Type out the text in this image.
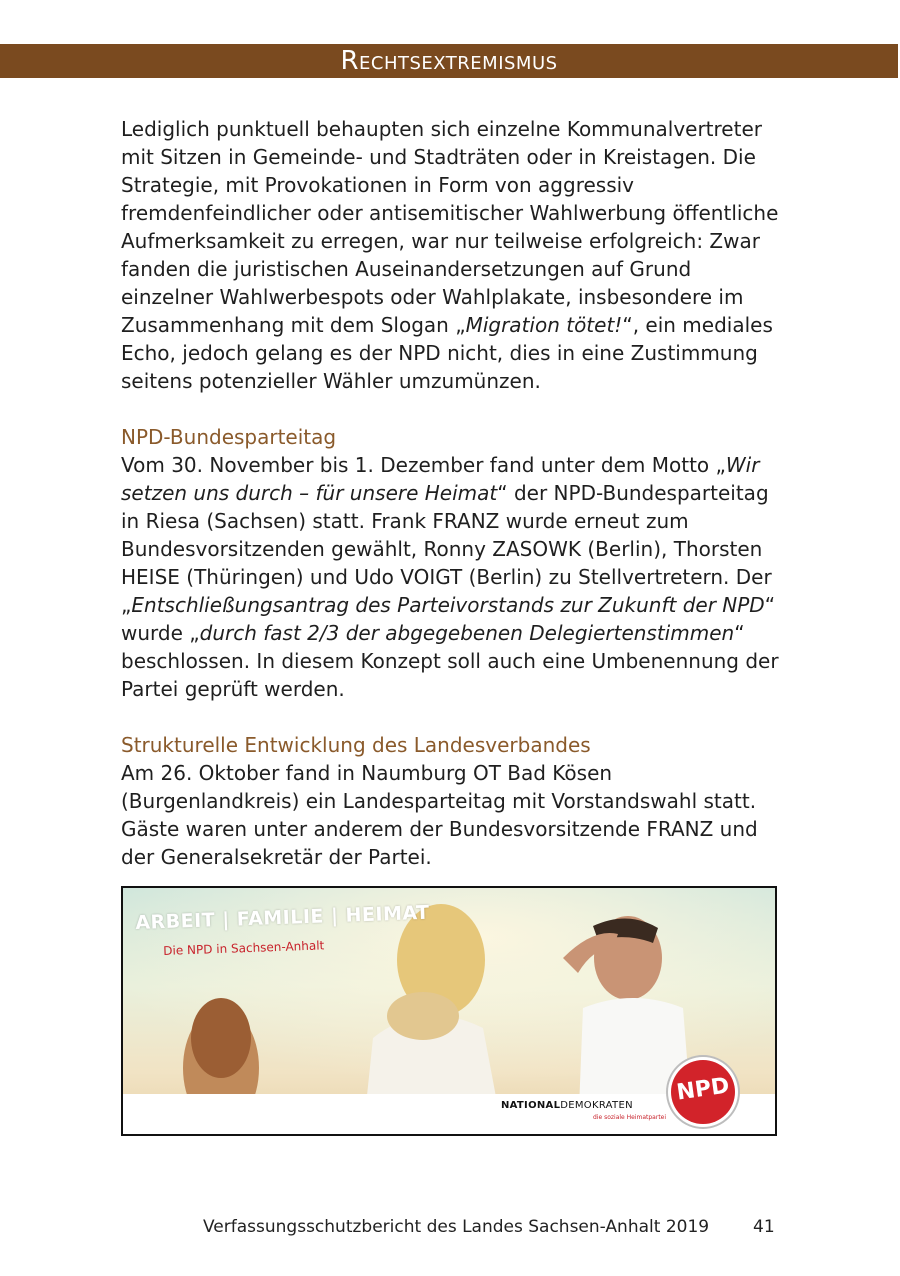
Rechtsextremismus

Lediglich punktuell behaupten sich einzelne Kommunalvertreter mit Sitzen in Gemeinde- und Stadträten oder in Kreistagen. Die Strategie, mit Provokationen in Form von aggressiv fremdenfeindlicher oder antisemitischer Wahlwerbung öffentliche Aufmerksamkeit zu erregen, war nur teilweise erfolgreich: Zwar fanden die juristischen Auseinandersetzungen auf Grund einzelner Wahlwerbespots oder Wahlplakate, insbesondere im Zusammenhang mit dem Slogan „Migration tötet!“, ein mediales Echo, jedoch gelang es der NPD nicht, dies in eine Zustimmung seitens potenzieller Wähler umzumünzen.

NPD-Bundesparteitag

Vom 30. November bis 1. Dezember fand unter dem Motto „Wir setzen uns durch – für unsere Heimat“ der NPD-Bundesparteitag in Riesa (Sachsen) statt. Frank FRANZ wurde erneut zum Bundesvorsitzenden gewählt, Ronny ZASOWK (Berlin), Thorsten HEISE (Thüringen) und Udo VOIGT (Berlin) zu Stellvertretern. Der „Entschließungsantrag des Parteivorstands zur Zukunft der NPD“ wurde „durch fast 2/3 der abgegebenen Delegiertenstimmen“ beschlossen. In diesem Konzept soll auch eine Umbenennung der Partei geprüft werden.

Strukturelle Entwicklung des Landesverbandes

Am 26. Oktober fand in Naumburg OT Bad Kösen (Burgenlandkreis) ein Landesparteitag mit Vorstandswahl statt. Gäste waren unter anderem der Bundesvorsitzende FRANZ und der Generalsekretär der Partei.

ARBEIT | FAMILIE | HEIMAT
Die NPD in Sachsen-Anhalt
NATIONALDEMOKRATEN
die soziale Heimatpartei
NPD
Verfassungsschutzbericht des Landes Sachsen-Anhalt 2019	41
